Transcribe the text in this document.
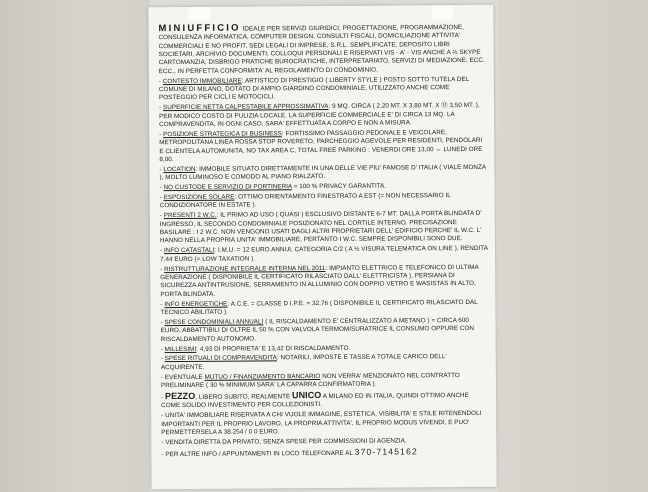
MINIUFFICIO IDEALE PER SERVIZI GIURIDICI, PROGETTAZIONE, PROGRAMMAZIONE, CONSULENZA INFORMATICA, COMPUTER DESIGN, CONSULTI FISCALI, DOMICILIAZIONE ATTIVITA' COMMERCIALI E NO PROFIT, SEDI LEGALI DI IMPRESE, S.R.L. SEMPLIFICATE, DEPOSITO LIBRI SOCIETARI, ARCHIVIO DOCUMENTI, COLLOQUI PERSONALI E RISERVATI VIS - A' - VIS ANCHE A ½ SKYPE CARTOMANZIA, DISBRIGO PRATICHE BUROCRATICHE, INTERPRETARIATO, SERVIZI DI MEDIAZIONE, ECC. ECC., IN PERFETTA CONFORMITA' AL REGOLAMENTO DI CONDOMINIO.

- CONTESTO IMMOBILIARE: ARTISTICO DI PRESTIGIO ( LIBERTY STYLE ) POSTO SOTTO TUTELA DEL COMUNE DI MILANO, DOTATO DI AMPIO GIARDINO CONDOMINIALE, UTILIZZATO ANCHE COME POSTEGGIO PER CICLI E MOTOCICLI.

- SUPERFICIE NETTA CALPESTABILE APPROSSIMATIVA: 9 MQ. CIRCA ( 2,20 MT. X 3,80 MT. X Ⓗ 3,50 MT. ), PER MODICO COSTO DI PULIZIA LOCALE. LA SUPERFICIE COMMERCIALE E' DI CIRCA 13 MQ. LA COMPRAVENDITA, IN OGNI CASO, SARA' EFFETTUATA A CORPO E NON A MISURA.

- POSIZIONE STRATEGICA DI BUSINESS: FORTISSIMO PASSAGGIO PEDONALE E VEICOLARE, METROPOLITANA LINEA ROSSA STOP ROVERETO, PARCHEGGIO AGEVOLE PER RESIDENTI, PENDOLARI E CLIENTELA AUTOMUNITA, NO TAX AREA C, TOTAL FREE PARKING : VENERDI ORE 13,00 ⇔ LUNEDI ORE 8,00.

- LOCATION: IMMOBILE SITUATO DIRETTAMENTE IN UNA DELLE VIE PIU' FAMOSE D' ITALIA ( VIALE MONZA ), MOLTO LUMINOSO E COMODO AL PIANO RIALZATO.

- NO CUSTODE E SERVIZIO DI PORTINERIA = 100 % PRIVACY GARANTITA.

- ESPOSIZIONE SOLARE: OTTIMO ORIENTAMENTO FINESTRATO A EST (= NON NECESSARIO IL CONDIZIONATORE IN ESTATE ).

- PRESENTI 2 W.C.: IL PRIMO AD USO ( QUASI ) ESCLUSIVO DISTANTE 6-7 MT. DALLA PORTA BLINDATA D' INGRESSO, IL SECONDO CONDOMINIALE POSIZIONATO NEL CORTILE INTERNO. PRECISAZIONE BASILARE : I 2 W.C. NON VENGONO USATI DAGLI ALTRI PROPRIETARI DELL' EDIFICIO PERCHE' IL W.C. L' HANNO NELLA PROPRIA UNITA' IMMOBILIARE, PERTANTO I W.C. SEMPRE DISPONIBILI SONO DUE.

- INFO CATASTALI: I.M.U. = 12 EURO ANNUI, CATEGORIA C/2 ( A ½ VISURA TELEMATICA ON LINE ), RENDITA 7,44 EURO (= LOW TAXATION ).

- RISTRUTTURAZIONE INTEGRALE INTERNA NEL 2011: IMPIANTO ELETTRICO E TELEFONICO DI ULTIMA GENERAZIONE ( DISPONIBILE IL CERTIFICATO RILASCIATO DALL' ELETTRICISTA ), PERSIANA DI SICUREZZA ANTINTRUSIONE, SERRAMENTO IN ALLUMINIO CON DOPPIO VETRO E WASISTAS IN ALTO, PORTA BLINDATA.

- INFO ENERGETICHE: A.C.E. = CLASSE D I.P.E. = 32,76 ( DISPONIBILE IL CERTIFICATO RILASCIATO DAL TECNICO ABILITATO ).

- SPESE CONDOMINIALI ANNUALI ( IL RISCALDAMENTO E' CENTRALIZZATO A METANO ) = CIRCA 600 EURO, ABBATTIBILI DI OLTRE IL 50 % CON VALVOLA TERMOMISURATRICE IL CONSUMO OPPURE CON RISCALDAMENTO AUTONOMO.

- MILLESIMI: 4,93 DI PROPRIETA' E 13,42 DI RISCALDAMENTO.

- SPESE RITUALI DI COMPRAVENDITA: NOTARILI, IMPOSTE E TASSE A TOTALE CARICO DELL' ACQUIRENTE.

- EVENTUALE MUTUO / FINANZIAMENTO BANCARIO NON VERRA' MENZIONATO NEL CONTRATTO PRELIMINARE ( 30 % MINIMUM SARA' LA CAPARRA CONFIRMATORIA ).

- PEZZO, LIBERO SUBITO, REALMENTE UNICO A MILANO ED IN ITALIA, QUINDI OTTIMO ANCHE COME SOLIDO INVESTIMENTO PER COLLEZIONISTI.

- UNITA' IMMOBILIARE RISERVATA A CHI VUOLE IMMAGINE, ESTETICA, VISIBILITA' E STILE RITENENDOLI IMPORTANTI PER IL PROPRIO LAVORO, LA PROPRIA ATTIVITA', IL PROPRIO MODUS VIVENDI, E PUO' PERMETTERSELA A 38.254 / 0 0 EURO.

- VENDITA DIRETTA DA PRIVATO, SENZA SPESE PER COMMISSIONI DI AGENZIA.

- PER ALTRE INFO / APPUNTAMENTI IN LOCO TELEFONARE AL 370-7145162
